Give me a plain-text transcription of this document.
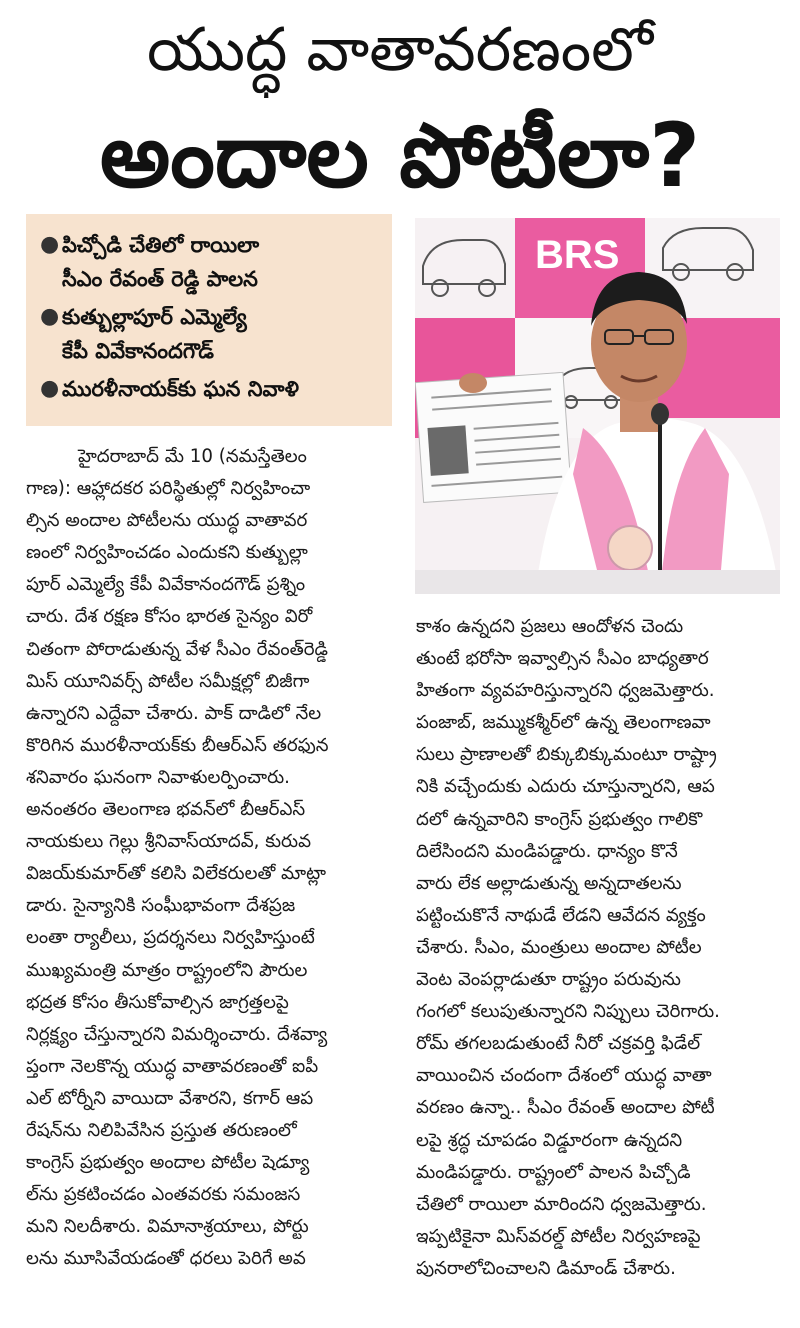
యుద్ధ వాతావరణంలో
అందాల పోటీలా?
● పిచ్చోడి చేతిలో రాయిలా
సీఎం రేవంత్‌ రెడ్డి పాలన
● కుత్బుల్లాపూర్‌ ఎమ్మెల్యే
కేపీ వివేకానందగౌడ్‌
● మురళీనాయక్‌కు ఘన నివాళి
BRS
హైదరాబాద్‌ మే 10 (నమస్తేతెలం
గాణ): ఆహ్లాదకర పరిస్థితుల్లో నిర్వహించా
ల్సిన అందాల పోటీలను యుద్ధ వాతావర
ణంలో నిర్వహించడం ఎందుకని కుత్బుల్లా
పూర్‌ ఎమ్మెల్యే కేపీ వివేకానందగౌడ్‌ ప్రశ్నిం
చారు. దేశ రక్షణ కోసం భారత సైన్యం విరో
చితంగా పోరాడుతున్న వేళ సీఎం రేవంత్‌రెడ్డి
మిస్‌ యూనివర్స్‌ పోటీల సమీక్షల్లో బిజీగా
ఉన్నారని ఎద్దేవా చేశారు. పాక్‌ దాడిలో నేల
కొరిగిన మురళీనాయక్‌కు బీఆర్‌ఎస్‌ తరఫున
శనివారం ఘనంగా నివాళులర్పించారు.
అనంతరం తెలంగాణ భవన్‌లో బీఆర్‌ఎస్‌
నాయకులు గెల్లు శ్రీనివాస్‌యాదవ్‌, కురువ
విజయ్‌కుమార్‌తో కలిసి విలేకరులతో మాట్లా
డారు. సైన్యానికి సంఘీభావంగా దేశప్రజ
లంతా ర్యాలీలు, ప్రదర్శనలు నిర్వహిస్తుంటే
ముఖ్యమంత్రి మాత్రం రాష్ట్రంలోని పౌరుల
భద్రత కోసం తీసుకోవాల్సిన జాగ్రత్తలపై
నిర్లక్ష్యం చేస్తున్నారని విమర్శించారు. దేశవ్యా
ప్తంగా నెలకొన్న యుద్ధ వాతావరణంతో ఐపీ
ఎల్‌ టోర్నీని వాయిదా వేశారని, కగార్‌ ఆప
రేషన్‌ను నిలిపివేసిన ప్రస్తుత తరుణంలో
కాంగ్రెస్‌ ప్రభుత్వం అందాల పోటీల షెడ్యూ
ల్‌ను ప్రకటించడం ఎంతవరకు సమంజస
మని నిలదీశారు. విమానాశ్రయాలు, పోర్టు
లను మూసివేయడంతో ధరలు పెరిగే అవ
కాశం ఉన్నదని ప్రజలు ఆందోళన చెందు
తుంటే భరోసా ఇవ్వాల్సిన సీఎం బాధ్యతార
హితంగా వ్యవహరిస్తున్నారని ధ్వజమెత్తారు.
పంజాబ్‌, జమ్ముకశ్మీర్‌లో ఉన్న తెలంగాణవా
సులు ప్రాణాలతో బిక్కుబిక్కుమంటూ రాష్ట్రా
నికి వచ్చేందుకు ఎదురు చూస్తున్నారని, ఆప
దలో ఉన్నవారిని కాంగ్రెస్‌ ప్రభుత్వం గాలికొ
దిలేసిందని మండిపడ్డారు. ధాన్యం కొనే
వారు లేక అల్లాడుతున్న అన్నదాతలను
పట్టించుకొనే నాథుడే లేడని ఆవేదన వ్యక్తం
చేశారు. సీఎం, మంత్రులు అందాల పోటీల
వెంట వెంపర్లాడుతూ రాష్ట్రం పరువును
గంగలో కలుపుతున్నారని నిప్పులు చెరిగారు.
రోమ్‌ తగలబడుతుంటే నీరో చక్రవర్తి ఫిడేల్‌
వాయించిన చందంగా దేశంలో యుద్ధ వాతా
వరణం ఉన్నా.. సీఎం రేవంత్‌ అందాల పోటీ
లపై శ్రద్ధ చూపడం విడ్డూరంగా ఉన్నదని
మండిపడ్డారు. రాష్ట్రంలో పాలన పిచ్చోడి
చేతిలో రాయిలా మారిందని ధ్వజమెత్తారు.
ఇప్పటికైనా మిస్‌వరల్డ్‌ పోటీల నిర్వహణపై
పునరాలోచించాలని డిమాండ్‌ చేశారు.
